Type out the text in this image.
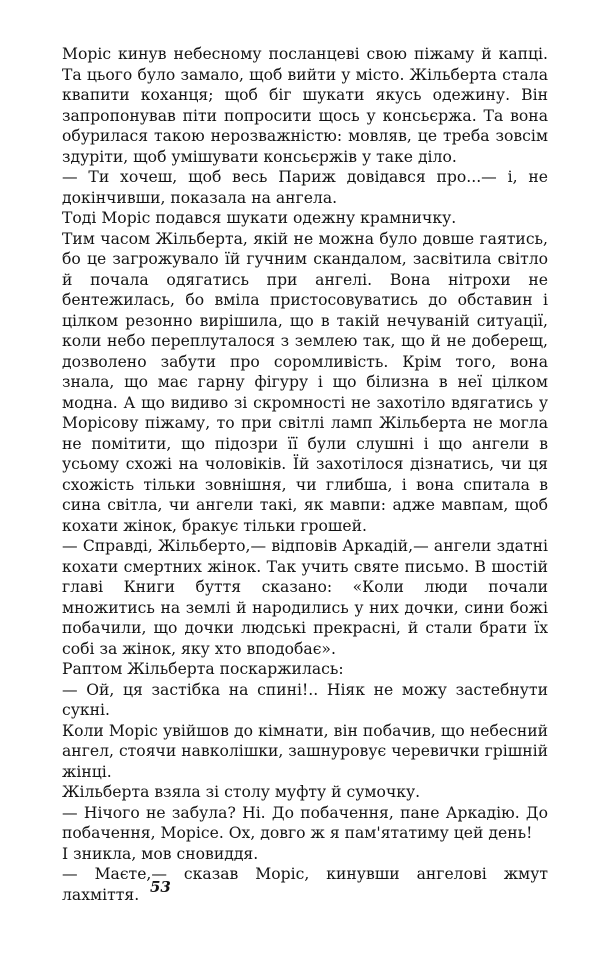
Моріс кинув небесному посланцеві свою піжаму й капці. Та цього було замало, щоб вийти у місто. Жільберта стала квапити коханця; щоб біг шукати якусь одежину. Він запропонував піти попросити щось у консьєржа. Та вона обурилася такою нерозважністю: мовляв, це треба зовсім здуріти, щоб умішувати консьєржів у таке діло.

— Ти хочеш, щоб весь Париж довідався про...— і, не докінчивши, показала на ангела.

Тоді Моріс подався шукати одежну крамничку.

Тим часом Жільберта, якій не можна було довше гаятись, бо це загрожувало їй гучним скандалом, засвітила світло й почала одягатись при ангелі. Вона нітрохи не бентежилась, бо вміла пристосовуватись до обставин і цілком резонно вирішила, що в такій нечуваній ситуації, коли небо переплуталося з землею так, що й не доберещ, дозволено забути про соромливість. Крім того, вона знала, що має гарну фігуру і що білизна в неї цілком модна. А що видиво зі скромності не захотіло вдягатись у Морісову піжаму, то при світлі ламп Жільберта не могла не помітити, що підозри її були слушні і що ангели в усьому схожі на чоловіків. Їй захотілося дізнатись, чи ця схожість тільки зовнішня, чи глибша, і вона спитала в сина світла, чи ангели такі, як мавпи: адже мавпам, щоб кохати жінок, бракує тільки грошей.

— Справді, Жільберто,— відповів Аркадій,— ангели здатні кохати смертних жінок. Так учить святе письмо. В шостій главі Книги буття сказано: «Коли люди почали множитись на землі й народились у них дочки, сини божі побачили, що дочки людські прекрасні, й стали брати їх собі за жінок, яку хто вподобає».

Раптом Жільберта поскаржилась:

— Ой, ця застібка на спині!.. Ніяк не можу застебнути сукні.

Коли Моріс увійшов до кімнати, він побачив, що небесний ангел, стоячи навколішки, зашнуровує черевички грішній жінці.

Жільберта взяла зі столу муфту й сумочку.

— Нічого не забула? Ні. До побачення, пане Аркадію. До побачення, Морісе. Ох, довго ж я пам'ятатиму цей день!

І зникла, мов сновиддя.

— Маєте,— сказав Моріс, кинувши ангелові жмут лахміття. 53
